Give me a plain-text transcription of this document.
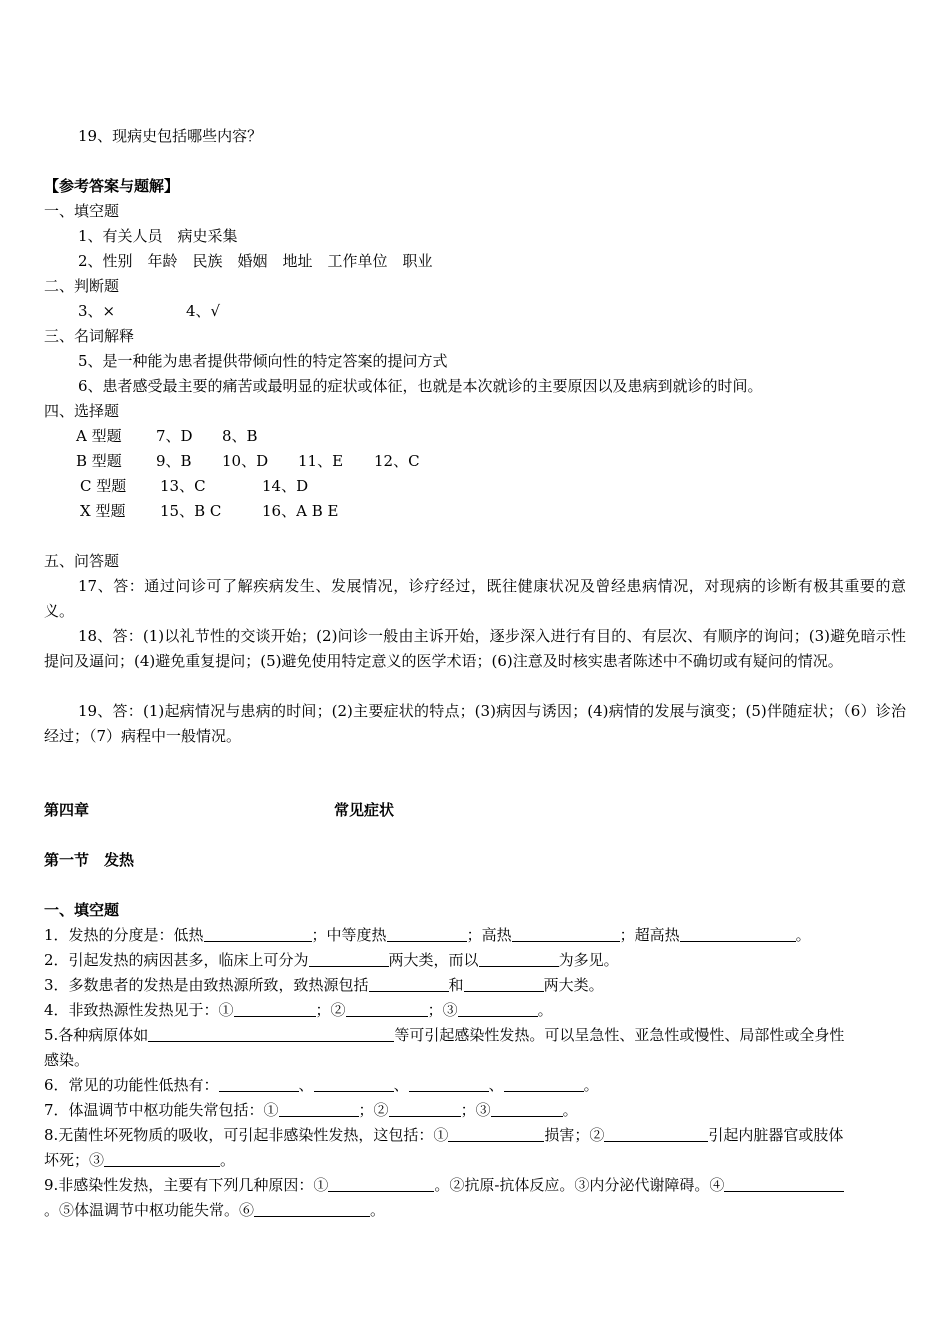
19、现病史包括哪些内容？
【参考答案与题解】
一、填空题
1、有关人员　病史采集
2、性别　年龄　民族　婚姻　地址　工作单位　职业
二、判断题
3、×	4、√
三、名词解释
5、是一种能为患者提供带倾向性的特定答案的提问方式
6、患者感受最主要的痛苦或最明显的症状或体征，也就是本次就诊的主要原因以及患病到就诊的时间。
四、选择题
A 型题 7、D 8、B
B 型题 9、B 10、D 11、E 12、C
C 型题 13、C	14、D
X 型题 15、B C	16、A B E
五、问答题
17、答：通过问诊可了解疾病发生、发展情况，诊疗经过，既往健康状况及曾经患病情况，对现病的诊断有极其重要的意义。
18、答：(1)以礼节性的交谈开始；(2)问诊一般由主诉开始，逐步深入进行有目的、有层次、有顺序的询问；(3)避免暗示性提问及逼问；(4)避免重复提问；(5)避免使用特定意义的医学术语；(6)注意及时核实患者陈述中不确切或有疑问的情况。
19、答：(1)起病情况与患病的时间；(2)主要症状的特点；(3)病因与诱因；(4)病情的发展与演变；(5)伴随症状；（6）诊治经过；（7）病程中一般情况。
第四章	常见症状
第一节　发热
一、填空题
1．发热的分度是：低热	；中等度热	；高热	；超高热	。
2．引起发热的病因甚多，临床上可分为	两大类，而以	为多见。
3．多数患者的发热是由致热源所致，致热源包括	和	两大类。
4．非致热源性发热见于：①	；②	；③	。
5.各种病原体如	等可引起感染性发热。可以呈急性、亚急性或慢性、局部性或全身性
感染。
6．常见的功能性低热有：	、	、	、	。
7．体温调节中枢功能失常包括：①	；②	；③	。
8.无菌性坏死物质的吸收，可引起非感染性发热，这包括：①	损害；②	引起内脏器官或肢体
坏死；③	。
9.非感染性发热，主要有下列几种原因：①	。②抗原-抗体反应。③内分泌代谢障碍。④
。⑤体温调节中枢功能失常。⑥	。
